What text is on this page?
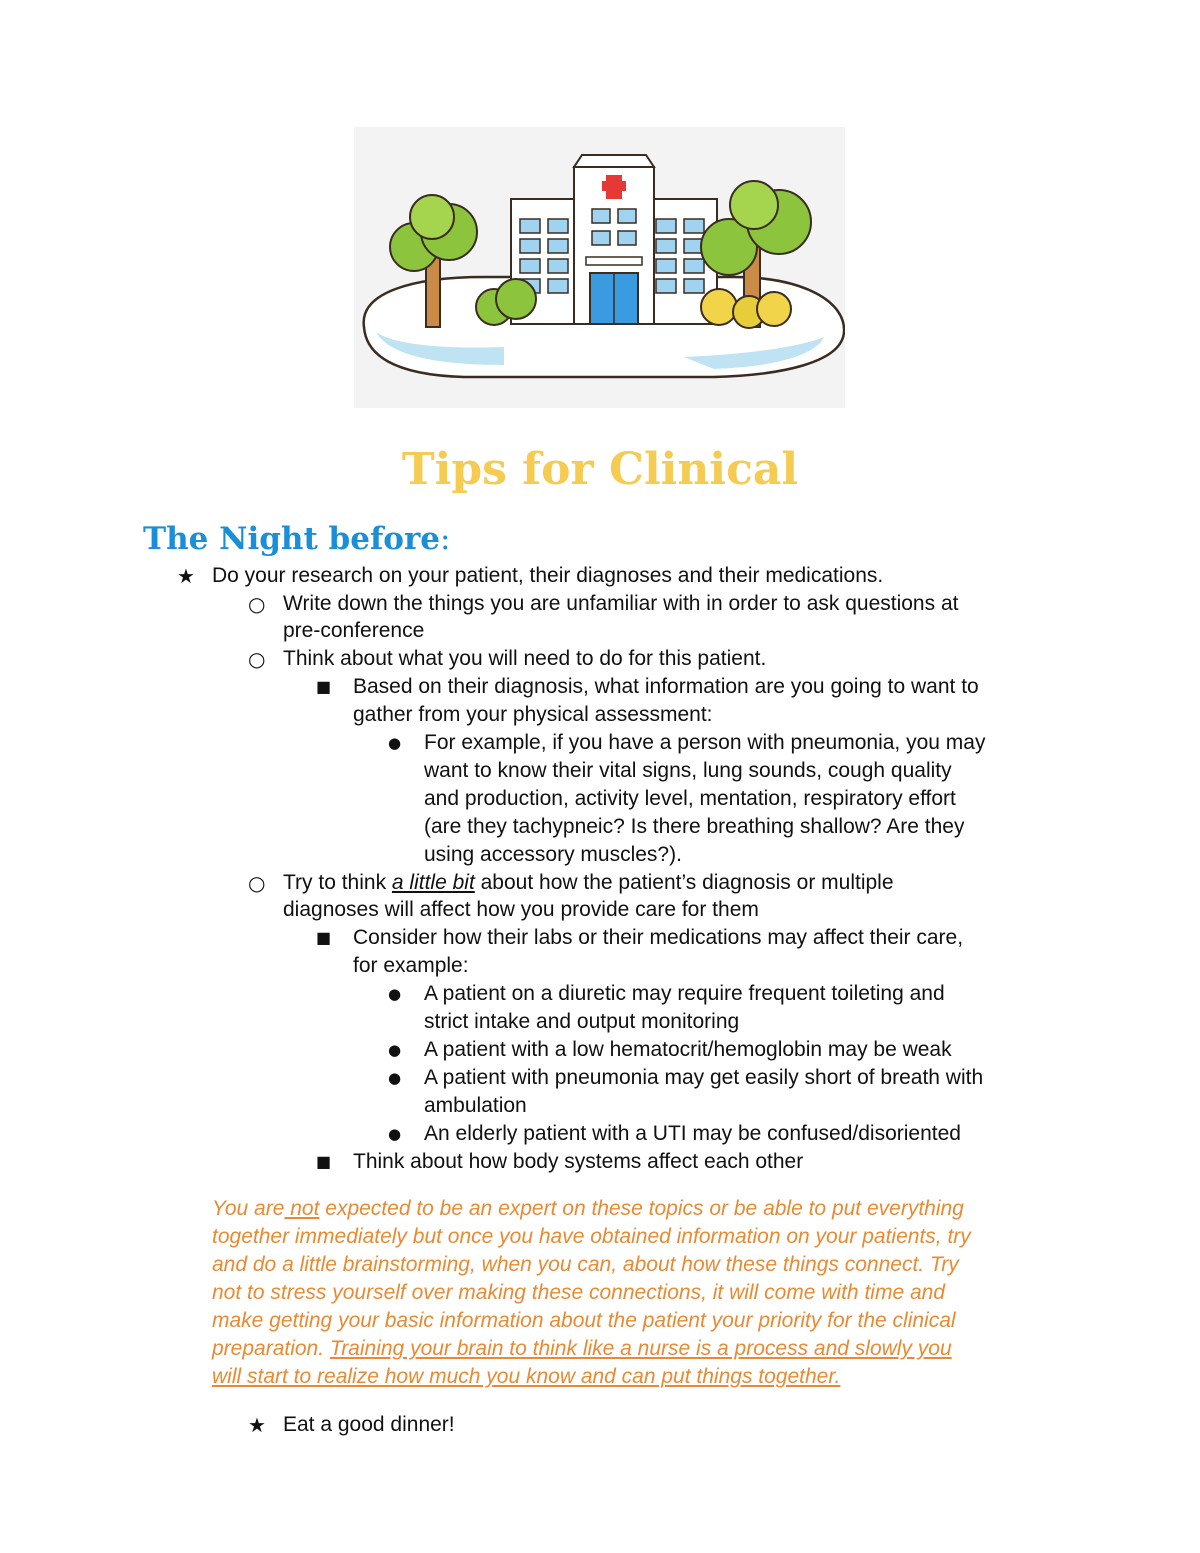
Tips for Clinical
The Night before:
★ Do your research on your patient, their diagnoses and their medications.
○ Write down the things you are unfamiliar with in order to ask questions at
pre-conference
○ Think about what you will need to do for this patient.
■ Based on their diagnosis, what information are you going to want to
gather from your physical assessment:
● For example, if you have a person with pneumonia, you may
want to know their vital signs, lung sounds, cough quality
and production, activity level, mentation, respiratory effort
(are they tachypneic? Is there breathing shallow? Are they
using accessory muscles?).
○ Try to think a little bit about how the patient’s diagnosis or multiple
diagnoses will affect how you provide care for them
■ Consider how their labs or their medications may affect their care,
for example:
● A patient on a diuretic may require frequent toileting and
strict intake and output monitoring
● A patient with a low hematocrit/hemoglobin may be weak
● A patient with pneumonia may get easily short of breath with
ambulation
● An elderly patient with a UTI may be confused/disoriented
■ Think about how body systems affect each other
You are not expected to be an expert on these topics or be able to put everything
together immediately but once you have obtained information on your patients, try
and do a little brainstorming, when you can, about how these things connect. Try
not to stress yourself over making these connections, it will come with time and
make getting your basic information about the patient your priority for the clinical
preparation. Training your brain to think like a nurse is a process and slowly you
will start to realize how much you know and can put things together.
★ Eat a good dinner!
